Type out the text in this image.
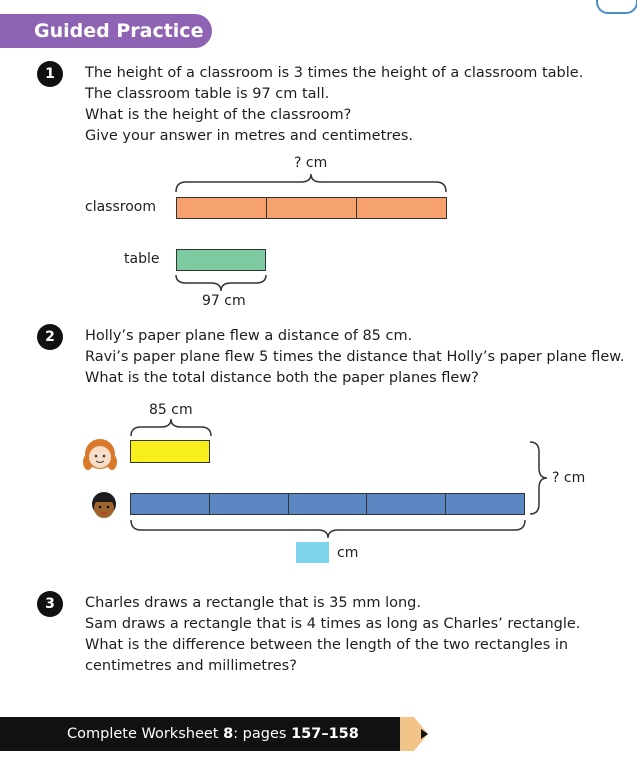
Guided Practice
1	The height of a classroom is 3 times the height of a classroom table.
The classroom table is 97 cm tall.
What is the height of the classroom?
Give your answer in metres and centimetres.
? cm
classroom
table
97 cm
2	Holly’s paper plane flew a distance of 85 cm.
Ravi’s paper plane flew 5 times the distance that Holly’s paper plane flew.
What is the total distance both the paper planes flew?
85 cm
? cm
cm
3	Charles draws a rectangle that is 35 mm long.
Sam draws a rectangle that is 4 times as long as Charles’ rectangle.
What is the difference between the length of the two rectangles in
centimetres and millimetres?
Complete Worksheet 8: pages 157–158
